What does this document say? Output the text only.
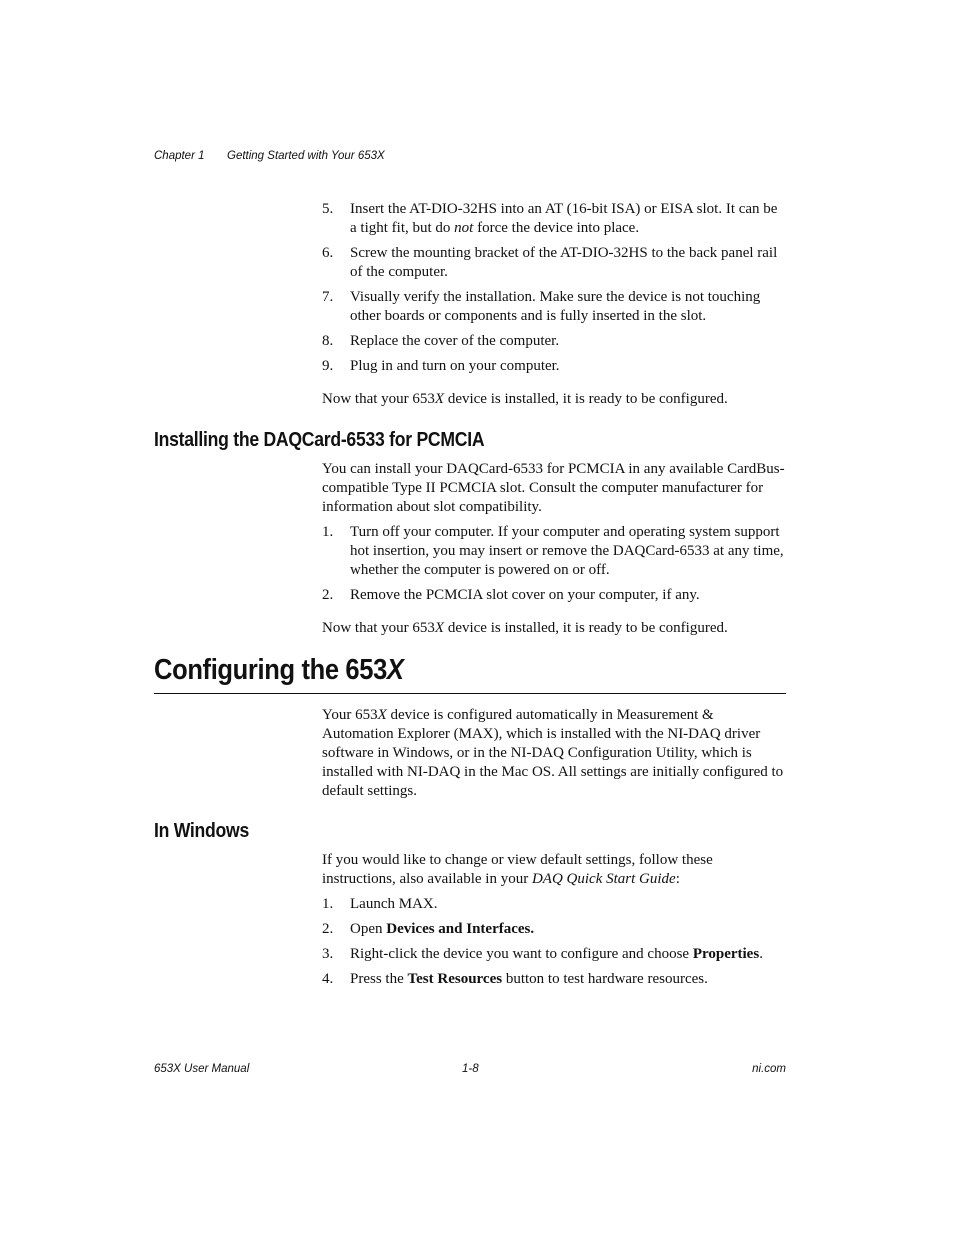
Chapter 1 Getting Started with Your 653X
5. Insert the AT-DIO-32HS into an AT (16-bit ISA) or EISA slot. It can be a tight fit, but do not force the device into place.
6. Screw the mounting bracket of the AT-DIO-32HS to the back panel rail of the computer.
7. Visually verify the installation. Make sure the device is not touching other boards or components and is fully inserted in the slot.
8. Replace the cover of the computer.
9. Plug in and turn on your computer.

Now that your 653X device is installed, it is ready to be configured.

Installing the DAQCard-6533 for PCMCIA

You can install your DAQCard-6533 for PCMCIA in any available CardBus-compatible Type II PCMCIA slot. Consult the computer manufacturer for information about slot compatibility.

1. Turn off your computer. If your computer and operating system support hot insertion, you may insert or remove the DAQCard-6533 at any time, whether the computer is powered on or off.
2. Remove the PCMCIA slot cover on your computer, if any.

Now that your 653X device is installed, it is ready to be configured.

Configuring the 653X

Your 653X device is configured automatically in Measurement & Automation Explorer (MAX), which is installed with the NI-DAQ driver software in Windows, or in the NI-DAQ Configuration Utility, which is installed with NI-DAQ in the Mac OS. All settings are initially configured to default settings.

In Windows

If you would like to change or view default settings, follow these instructions, also available in your DAQ Quick Start Guide:

1. Launch MAX.
2. Open Devices and Interfaces.
3. Right-click the device you want to configure and choose Properties.
4. Press the Test Resources button to test hardware resources.
653X User Manual	1-8	ni.com
